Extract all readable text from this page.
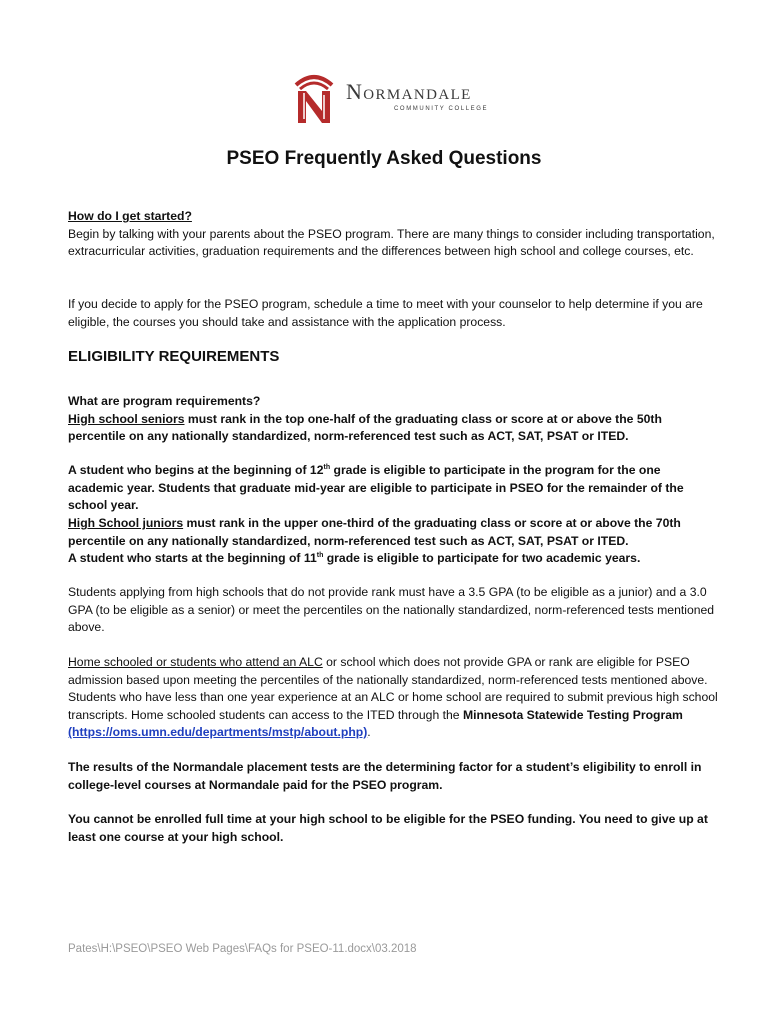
Normandale
COMMUNITY COLLEGE
PSEO Frequently Asked Questions

How do I get started?

Begin by talking with your parents about the PSEO program. There are many things to consider including transportation, extracurricular activities, graduation requirements and the differences between high school and college courses, etc.

If you decide to apply for the PSEO program, schedule a time to meet with your counselor to help determine if you are eligible, the courses you should take and assistance with the application process.

ELIGIBILITY REQUIREMENTS

What are program requirements?

High school seniors must rank in the top one-half of the graduating class or score at or above the 50th percentile on any nationally standardized, norm-referenced test such as ACT, SAT, PSAT or ITED.

A student who begins at the beginning of 12th grade is eligible to participate in the program for the one academic year. Students that graduate mid-year are eligible to participate in PSEO for the remainder of the school year.

High School juniors must rank in the upper one-third of the graduating class or score at or above the 70th percentile on any nationally standardized, norm-referenced test such as ACT, SAT, PSAT or ITED.

A student who starts at the beginning of 11th grade is eligible to participate for two academic years.

Students applying from high schools that do not provide rank must have a 3.5 GPA (to be eligible as a junior) and a 3.0 GPA (to be eligible as a senior) or meet the percentiles on the nationally standardized, norm-referenced tests mentioned above.

Home schooled or students who attend an ALC or school which does not provide GPA or rank are eligible for PSEO admission based upon meeting the percentiles of the nationally standardized, norm-referenced tests mentioned above. Students who have less than one year experience at an ALC or home school are required to submit previous high school transcripts. Home schooled students can access to the ITED through the Minnesota Statewide Testing Program (https://oms.umn.edu/departments/mstp/about.php).

The results of the Normandale placement tests are the determining factor for a student’s eligibility to enroll in college-level courses at Normandale paid for the PSEO program.

You cannot be enrolled full time at your high school to be eligible for the PSEO funding. You need to give up at least one course at your high school.

Pates\H:\PSEO\PSEO Web Pages\FAQs for PSEO-11.docx\03.2018
